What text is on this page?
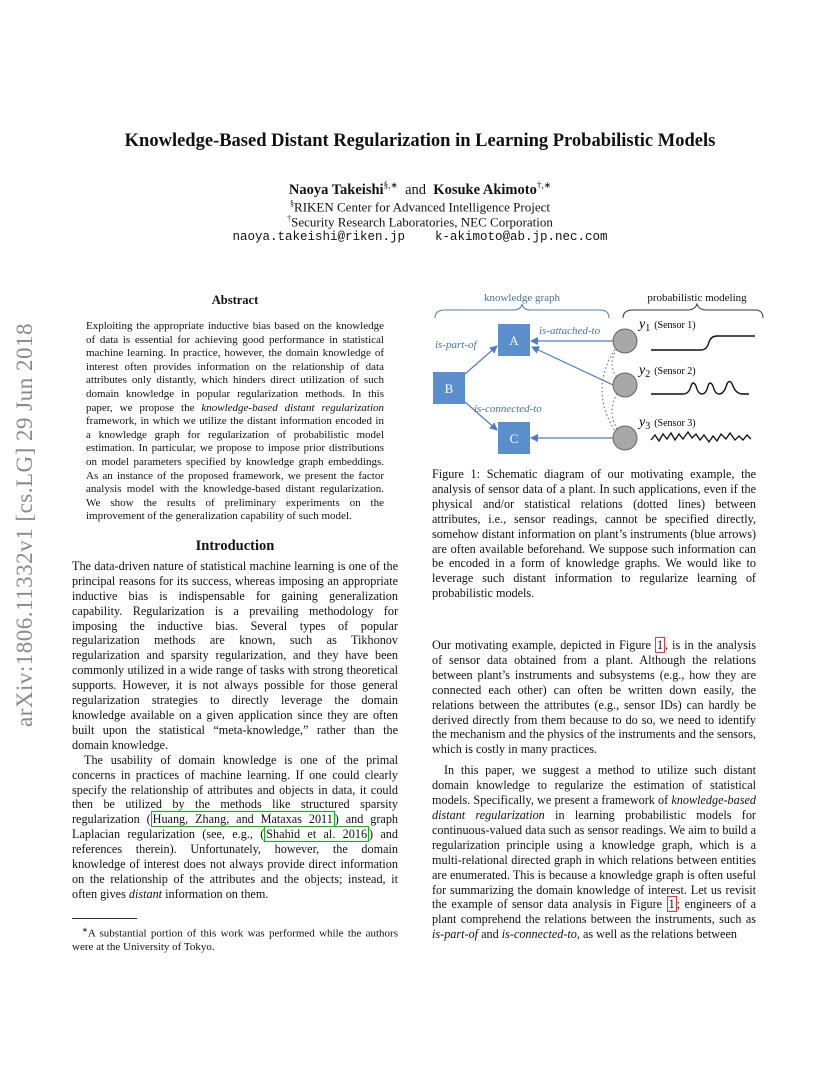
arXiv:1806.11332v1 [cs.LG] 29 Jun 2018
Knowledge-Based Distant Regularization in Learning Probabilistic Models
Naoya Takeishi§,∗ and Kosuke Akimoto†,∗
§RIKEN Center for Advanced Intelligence Project
†Security Research Laboratories, NEC Corporation
naoya.takeishi@riken.jp k-akimoto@ab.jp.nec.com
Abstract

Exploiting the appropriate inductive bias based on the knowledge of data is essential for achieving good performance in statistical machine learning. In practice, however, the domain knowledge of interest often provides information on the relationship of data attributes only distantly, which hinders direct utilization of such domain knowledge in popular regularization methods. In this paper, we propose the knowledge-based distant regularization framework, in which we utilize the distant information encoded in a knowledge graph for regularization of probabilistic model estimation. In particular, we propose to impose prior distributions on model parameters specified by knowledge graph embeddings. As an instance of the proposed framework, we present the factor analysis model with the knowledge-based distant regularization. We show the results of preliminary experiments on the improvement of the generalization capability of such model.

Introduction

The data-driven nature of statistical machine learning is one of the principal reasons for its success, whereas imposing an appropriate inductive bias is indispensable for gaining generalization capability. Regularization is a prevailing methodology for imposing the inductive bias. Several types of popular regularization methods are known, such as Tikhonov regularization and sparsity regularization, and they have been commonly utilized in a wide range of tasks with strong theoretical supports. However, it is not always possible for those general regularization strategies to directly leverage the domain knowledge available on a given application since they are often built upon the statistical “meta-knowledge,” rather than the domain knowledge.

The usability of domain knowledge is one of the primal concerns in practices of machine learning. If one could clearly specify the relationship of attributes and objects in data, it could then be utilized by the methods like structured sparsity regularization ( Huang, Zhang, and Mataxas 2011 ) and graph Laplacian regularization (see, e.g., ( Shahid et al. 2016 ) and references therein). Unfortunately, however, the domain knowledge of interest does not always provide direct information on the relationship of the attributes and the objects; instead, it often gives distant information on them.

∗A substantial portion of this work was performed while the authors were at the University of Tokyo.
knowledge graph	probabilistic modeling
A
B
C
is-part-of
is-attached-to
is-connected-to
y1 (Sensor 1)
y2 (Sensor 2)
y3 (Sensor 3)
Figure 1: Schematic diagram of our motivating example, the analysis of sensor data of a plant. In such applications, even if the physical and/or statistical relations (dotted lines) between attributes, i.e., sensor readings, cannot be specified directly, somehow distant information on plant’s instruments (blue arrows) are often available beforehand. We suppose such information can be encoded in a form of knowledge graphs. We would like to leverage such distant information to regularize learning of probabilistic models.

Our motivating example, depicted in Figure 1 , is in the analysis of sensor data obtained from a plant. Although the relations between plant’s instruments and subsystems (e.g., how they are connected each other) can often be written down easily, the relations between the attributes (e.g., sensor IDs) can hardly be derived directly from them because to do so, we need to identify the mechanism and the physics of the instruments and the sensors, which is costly in many practices.

In this paper, we suggest a method to utilize such distant domain knowledge to regularize the estimation of statistical models. Specifically, we present a framework of knowledge-based distant regularization in learning probabilistic models for continuous-valued data such as sensor readings. We aim to build a regularization principle using a knowledge graph, which is a multi-relational directed graph in which relations between entities are enumerated. This is because a knowledge graph is often useful for summarizing the domain knowledge of interest. Let us revisit the example of sensor data analysis in Figure 1 ; engineers of a plant comprehend the relations between the instruments, such as is-part-of and is-connected-to, as well as the relations between
